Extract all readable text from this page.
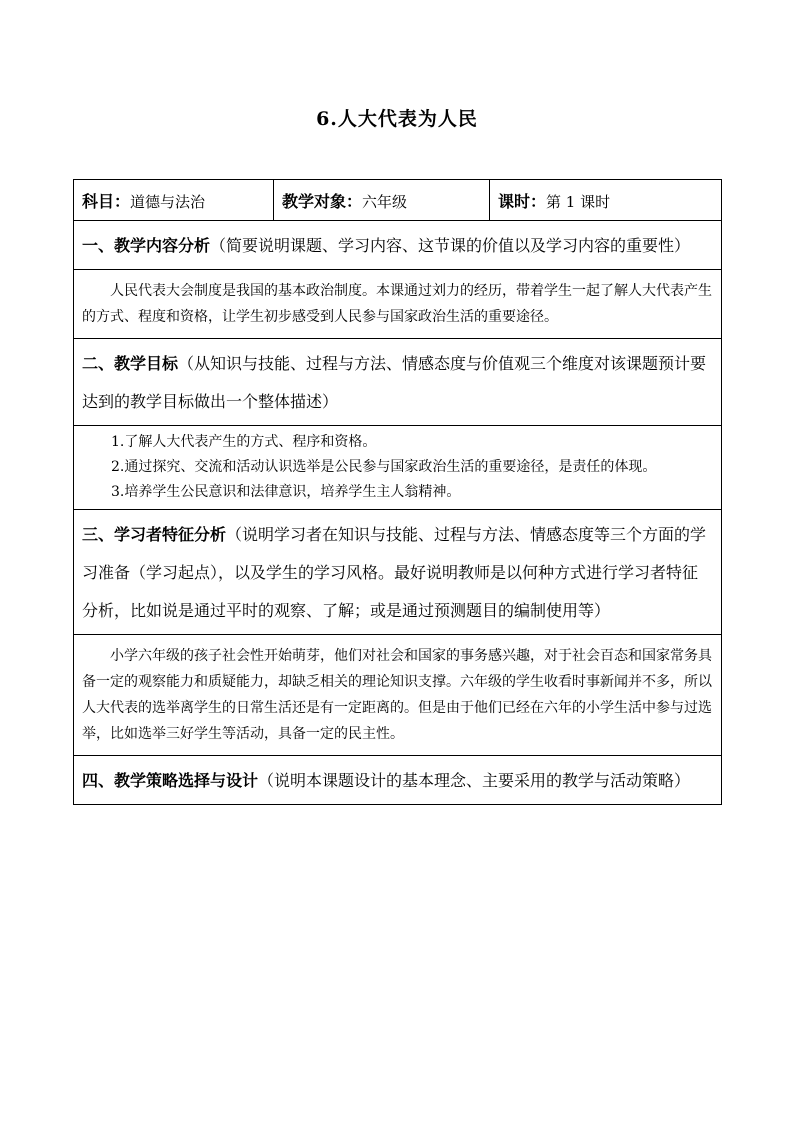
6.人大代表为人民
科目：道德与法治	教学对象：六年级	课时：第 1 课时
一、教学内容分析（简要说明课题、学习内容、这节课的价值以及学习内容的重要性）

人民代表大会制度是我国的基本政治制度。本课通过刘力的经历，带着学生一起了解人大代表产生的方式、程度和资格，让学生初步感受到人民参与国家政治生活的重要途径。

二、教学目标（从知识与技能、过程与方法、情感态度与价值观三个维度对该课题预计要达到的教学目标做出一个整体描述）

1.了解人大代表产生的方式、程序和资格。
2.通过探究、交流和活动认识选举是公民参与国家政治生活的重要途径，是责任的体现。
3.培养学生公民意识和法律意识，培养学生主人翁精神。

三、学习者特征分析（说明学习者在知识与技能、过程与方法、情感态度等三个方面的学习准备（学习起点），以及学生的学习风格。最好说明教师是以何种方式进行学习者特征分析，比如说是通过平时的观察、了解；或是通过预测题目的编制使用等）

小学六年级的孩子社会性开始萌芽，他们对社会和国家的事务感兴趣，对于社会百态和国家常务具备一定的观察能力和质疑能力，却缺乏相关的理论知识支撑。六年级的学生收看时事新闻并不多，所以人大代表的选举离学生的日常生活还是有一定距离的。但是由于他们已经在六年的小学生活中参与过选举，比如选举三好学生等活动，具备一定的民主性。

四、教学策略选择与设计（说明本课题设计的基本理念、主要采用的教学与活动策略）
